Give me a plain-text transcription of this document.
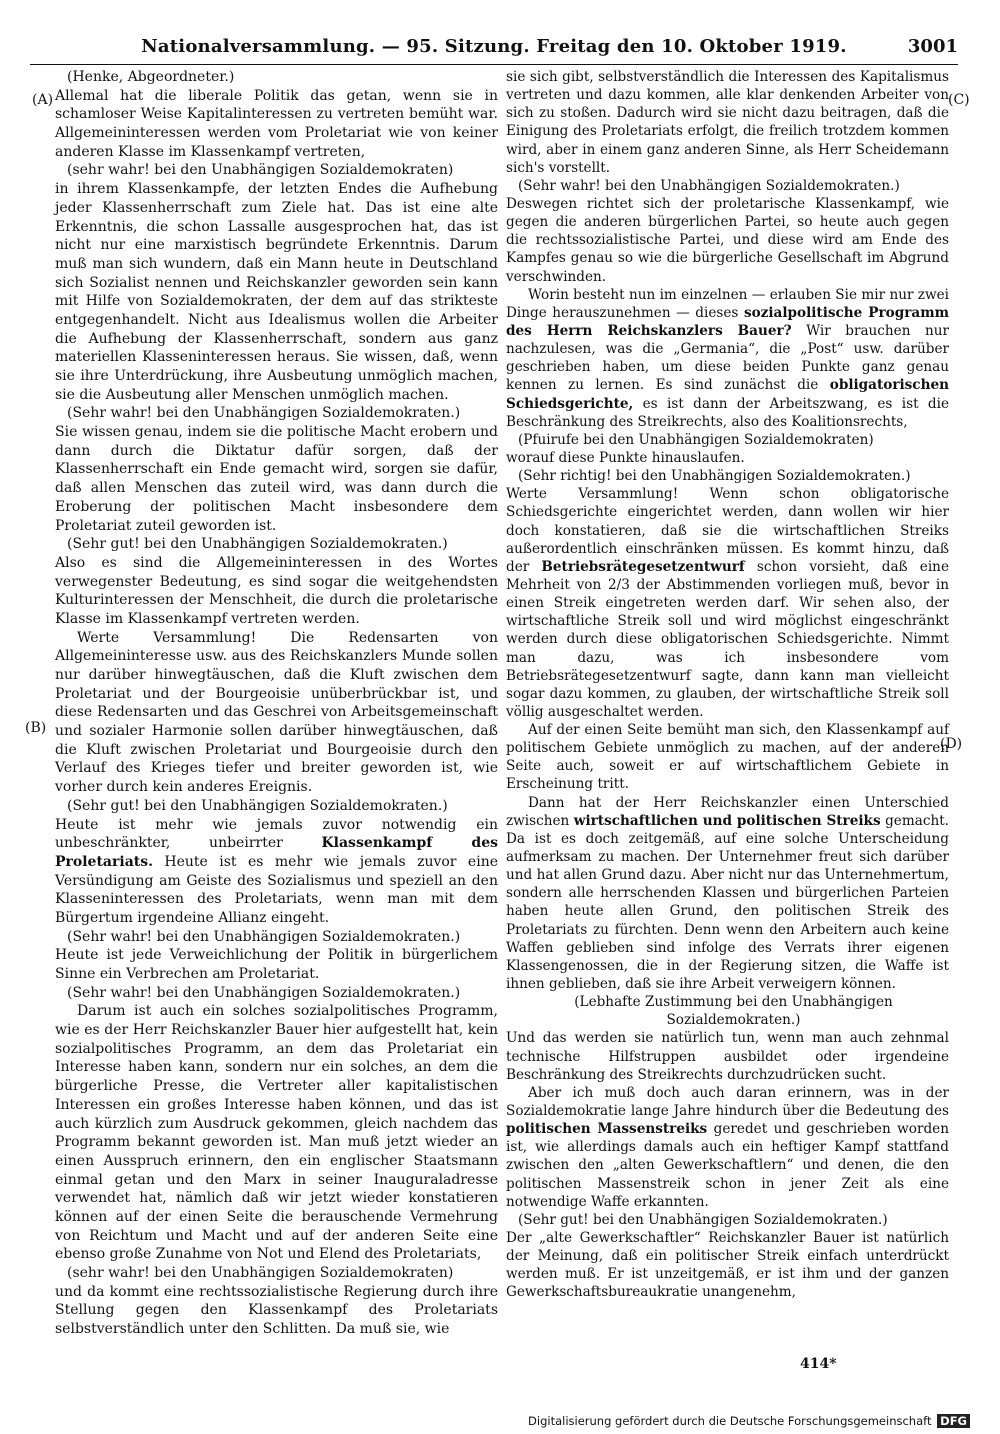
Nationalversammlung. — 95. Sitzung. Freitag den 10. Oktober 1919.	3001
(A)
(B)
(C)
(D)

(Henke, Abgeordneter.)

Allemal hat die liberale Politik das getan, wenn sie in schamloser Weise Kapitalinteressen zu vertreten bemüht war. Allgemeininteressen werden vom Proletariat wie von keiner anderen Klasse im Klassenkampf vertreten,

(sehr wahr! bei den Unabhängigen Sozialdemokraten)

in ihrem Klassenkampfe, der letzten Endes die Aufhebung jeder Klassenherrschaft zum Ziele hat. Das ist eine alte Erkenntnis, die schon Lassalle ausgesprochen hat, das ist nicht nur eine marxistisch begründete Erkenntnis. Darum muß man sich wundern, daß ein Mann heute in Deutschland sich Sozialist nennen und Reichskanzler geworden sein kann mit Hilfe von Sozialdemokraten, der dem auf das strikteste entgegenhandelt. Nicht aus Idealismus wollen die Arbeiter die Aufhebung der Klassenherrschaft, sondern aus ganz materiellen Klasseninteressen heraus. Sie wissen, daß, wenn sie ihre Unterdrückung, ihre Ausbeutung unmöglich machen, sie die Ausbeutung aller Menschen unmöglich machen.

(Sehr wahr! bei den Unabhängigen Sozialdemokraten.)

Sie wissen genau, indem sie die politische Macht erobern und dann durch die Diktatur dafür sorgen, daß der Klassenherrschaft ein Ende gemacht wird, sorgen sie dafür, daß allen Menschen das zuteil wird, was dann durch die Eroberung der politischen Macht insbesondere dem Proletariat zuteil geworden ist.

(Sehr gut! bei den Unabhängigen Sozialdemokraten.)

Also es sind die Allgemeininteressen in des Wortes verwegenster Bedeutung, es sind sogar die weitgehendsten Kulturinteressen der Menschheit, die durch die proletarische Klasse im Klassenkampf vertreten werden.

Werte Versammlung! Die Redensarten von Allgemeininteresse usw. aus des Reichskanzlers Munde sollen nur darüber hinwegtäuschen, daß die Kluft zwischen dem Proletariat und der Bourgeoisie unüberbrückbar ist, und diese Redensarten und das Geschrei von Arbeitsgemeinschaft und sozialer Harmonie sollen darüber hinwegtäuschen, daß die Kluft zwischen Proletariat und Bourgeoisie durch den Verlauf des Krieges tiefer und breiter geworden ist, wie vorher durch kein anderes Ereignis.

(Sehr gut! bei den Unabhängigen Sozialdemokraten.)

Heute ist mehr wie jemals zuvor notwendig ein unbeschränkter, unbeirrter Klassenkampf des Proletariats. Heute ist es mehr wie jemals zuvor eine Versündigung am Geiste des Sozialismus und speziell an den Klasseninteressen des Proletariats, wenn man mit dem Bürgertum irgendeine Allianz eingeht.

(Sehr wahr! bei den Unabhängigen Sozialdemokraten.)

Heute ist jede Verweichlichung der Politik in bürgerlichem Sinne ein Verbrechen am Proletariat.

(Sehr wahr! bei den Unabhängigen Sozialdemokraten.)

Darum ist auch ein solches sozialpolitisches Programm, wie es der Herr Reichskanzler Bauer hier aufgestellt hat, kein sozialpolitisches Programm, an dem das Proletariat ein Interesse haben kann, sondern nur ein solches, an dem die bürgerliche Presse, die Vertreter aller kapitalistischen Interessen ein großes Interesse haben können, und das ist auch kürzlich zum Ausdruck gekommen, gleich nachdem das Programm bekannt geworden ist. Man muß jetzt wieder an einen Ausspruch erinnern, den ein englischer Staatsmann einmal getan und den Marx in seiner Inauguraladresse verwendet hat, nämlich daß wir jetzt wieder konstatieren können auf der einen Seite die berauschende Vermehrung von Reichtum und Macht und auf der anderen Seite eine ebenso große Zunahme von Not und Elend des Proletariats,

(sehr wahr! bei den Unabhängigen Sozialdemokraten)

und da kommt eine rechtssozialistische Regierung durch ihre Stellung gegen den Klassenkampf des Proletariats selbstverständlich unter den Schlitten. Da muß sie, wie

sie sich gibt, selbstverständlich die Interessen des Kapitalismus vertreten und dazu kommen, alle klar denkenden Arbeiter von sich zu stoßen. Dadurch wird sie nicht dazu beitragen, daß die Einigung des Proletariats erfolgt, die freilich trotzdem kommen wird, aber in einem ganz anderen Sinne, als Herr Scheidemann sich's vorstellt.

(Sehr wahr! bei den Unabhängigen Sozialdemokraten.)

Deswegen richtet sich der proletarische Klassenkampf, wie gegen die anderen bürgerlichen Partei, so heute auch gegen die rechtssozialistische Partei, und diese wird am Ende des Kampfes genau so wie die bürgerliche Gesellschaft im Abgrund verschwinden.

Worin besteht nun im einzelnen — erlauben Sie mir nur zwei Dinge herauszunehmen — dieses sozialpolitische Programm des Herrn Reichskanzlers Bauer? Wir brauchen nur nachzulesen, was die „Germania“, die „Post“ usw. darüber geschrieben haben, um diese beiden Punkte ganz genau kennen zu lernen. Es sind zunächst die obligatorischen Schiedsgerichte, es ist dann der Arbeitszwang, es ist die Beschränkung des Streikrechts, also des Koalitionsrechts,

(Pfuirufe bei den Unabhängigen Sozialdemokraten)

worauf diese Punkte hinauslaufen.

(Sehr richtig! bei den Unabhängigen Sozialdemokraten.)

Werte Versammlung! Wenn schon obligatorische Schiedsgerichte eingerichtet werden, dann wollen wir hier doch konstatieren, daß sie die wirtschaftlichen Streiks außerordentlich einschränken müssen. Es kommt hinzu, daß der Betriebsrätegesetzentwurf schon vorsieht, daß eine Mehrheit von 2/3 der Abstimmenden vorliegen muß, bevor in einen Streik eingetreten werden darf. Wir sehen also, der wirtschaftliche Streik soll und wird möglichst eingeschränkt werden durch diese obligatorischen Schiedsgerichte. Nimmt man dazu, was ich insbesondere vom Betriebsrätegesetzentwurf sagte, dann kann man vielleicht sogar dazu kommen, zu glauben, der wirtschaftliche Streik soll völlig ausgeschaltet werden.

Auf der einen Seite bemüht man sich, den Klassenkampf auf politischem Gebiete unmöglich zu machen, auf der anderen Seite auch, soweit er auf wirtschaftlichem Gebiete in Erscheinung tritt.

Dann hat der Herr Reichskanzler einen Unterschied zwischen wirtschaftlichen und politischen Streiks gemacht. Da ist es doch zeitgemäß, auf eine solche Unterscheidung aufmerksam zu machen. Der Unternehmer freut sich darüber und hat allen Grund dazu. Aber nicht nur das Unternehmertum, sondern alle herrschenden Klassen und bürgerlichen Parteien haben heute allen Grund, den politischen Streik des Proletariats zu fürchten. Denn wenn den Arbeitern auch keine Waffen geblieben sind infolge des Verrats ihrer eigenen Klassengenossen, die in der Regierung sitzen, die Waffe ist ihnen geblieben, daß sie ihre Arbeit verweigern können.

(Lebhafte Zustimmung bei den Unabhängigen Sozialdemokraten.)

Und das werden sie natürlich tun, wenn man auch zehnmal technische Hilfstruppen ausbildet oder irgendeine Beschränkung des Streikrechts durchzudrücken sucht.

Aber ich muß doch auch daran erinnern, was in der Sozialdemokratie lange Jahre hindurch über die Bedeutung des politischen Massenstreiks geredet und geschrieben worden ist, wie allerdings damals auch ein heftiger Kampf stattfand zwischen den „alten Gewerkschaftlern“ und denen, die den politischen Massenstreik schon in jener Zeit als eine notwendige Waffe erkannten.

(Sehr gut! bei den Unabhängigen Sozialdemokraten.)

Der „alte Gewerkschaftler“ Reichskanzler Bauer ist natürlich der Meinung, daß ein politischer Streik einfach unterdrückt werden muß. Er ist unzeitgemäß, er ist ihm und der ganzen Gewerkschaftsbureaukratie unangenehm,

414*
Digitalisierung gefördert durch die Deutsche Forschungsgemeinschaft DFG
